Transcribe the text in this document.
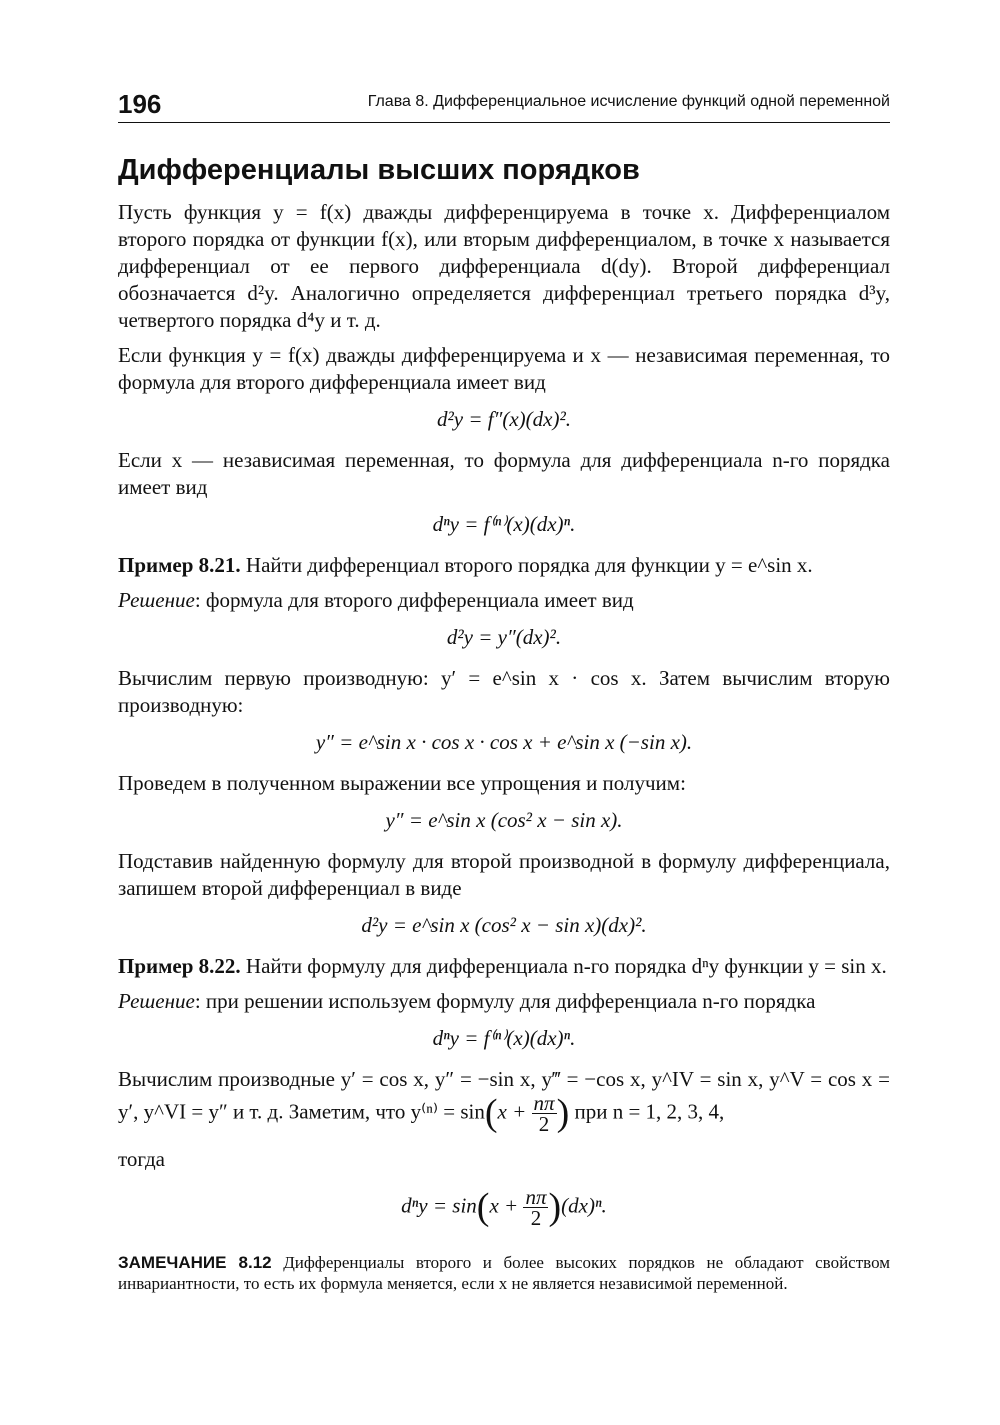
196	Глава 8. Дифференциальное исчисление функций одной переменной
Дифференциалы высших порядков

Пусть функция y = f(x) дважды дифференцируема в точке x. Дифференциалом второго порядка от функции f(x), или вторым дифференциалом, в точке x называется дифференциал от ее первого дифференциала d(dy). Второй дифференциал обозначается d²y. Аналогично определяется дифференциал третьего порядка d³y, четвертого порядка d⁴y и т. д.

Если функция y = f(x) дважды дифференцируема и x — независимая переменная, то формула для второго дифференциала имеет вид

d²y = f″(x)(dx)².

Если x — независимая переменная, то формула для дифференциала n-го порядка имеет вид

dⁿy = f⁽ⁿ⁾(x)(dx)ⁿ.

Пример 8.21. Найти дифференциал второго порядка для функции y = e^sin x.

Решение: формула для второго дифференциала имеет вид

d²y = y″(dx)².

Вычислим первую производную: y′ = e^sin x · cos x. Затем вычислим вторую производную:

y″ = e^sin x · cos x · cos x + e^sin x (−sin x).

Проведем в полученном выражении все упрощения и получим:

y″ = e^sin x (cos² x − sin x).

Подставив найденную формулу для второй производной в формулу дифференциала, запишем второй дифференциал в виде

d²y = e^sin x (cos² x − sin x)(dx)².

Пример 8.22. Найти формулу для дифференциала n-го порядка dⁿy функции y = sin x.

Решение: при решении используем формулу для дифференциала n-го порядка

dⁿy = f⁽ⁿ⁾(x)(dx)ⁿ.

Вычислим производные y′ = cos x, y″ = −sin x, y‴ = −cos x, y^IV = sin x, y^V = cos x = y′, y^VI = y″ и т. д. Заметим, что $y^{(n)} = \sin(x + \frac{n\pi}{2}$ ) при n = 1, 2, 3, 4,

тогда

$d^ny = \sin(x + \frac{n\pi}{2} )(dx)^n$.

ЗАМЕЧАНИЕ 8.12 Дифференциалы второго и более высоких порядков не обладают свойством инвариантности, то есть их формула меняется, если x не является независимой переменной.
